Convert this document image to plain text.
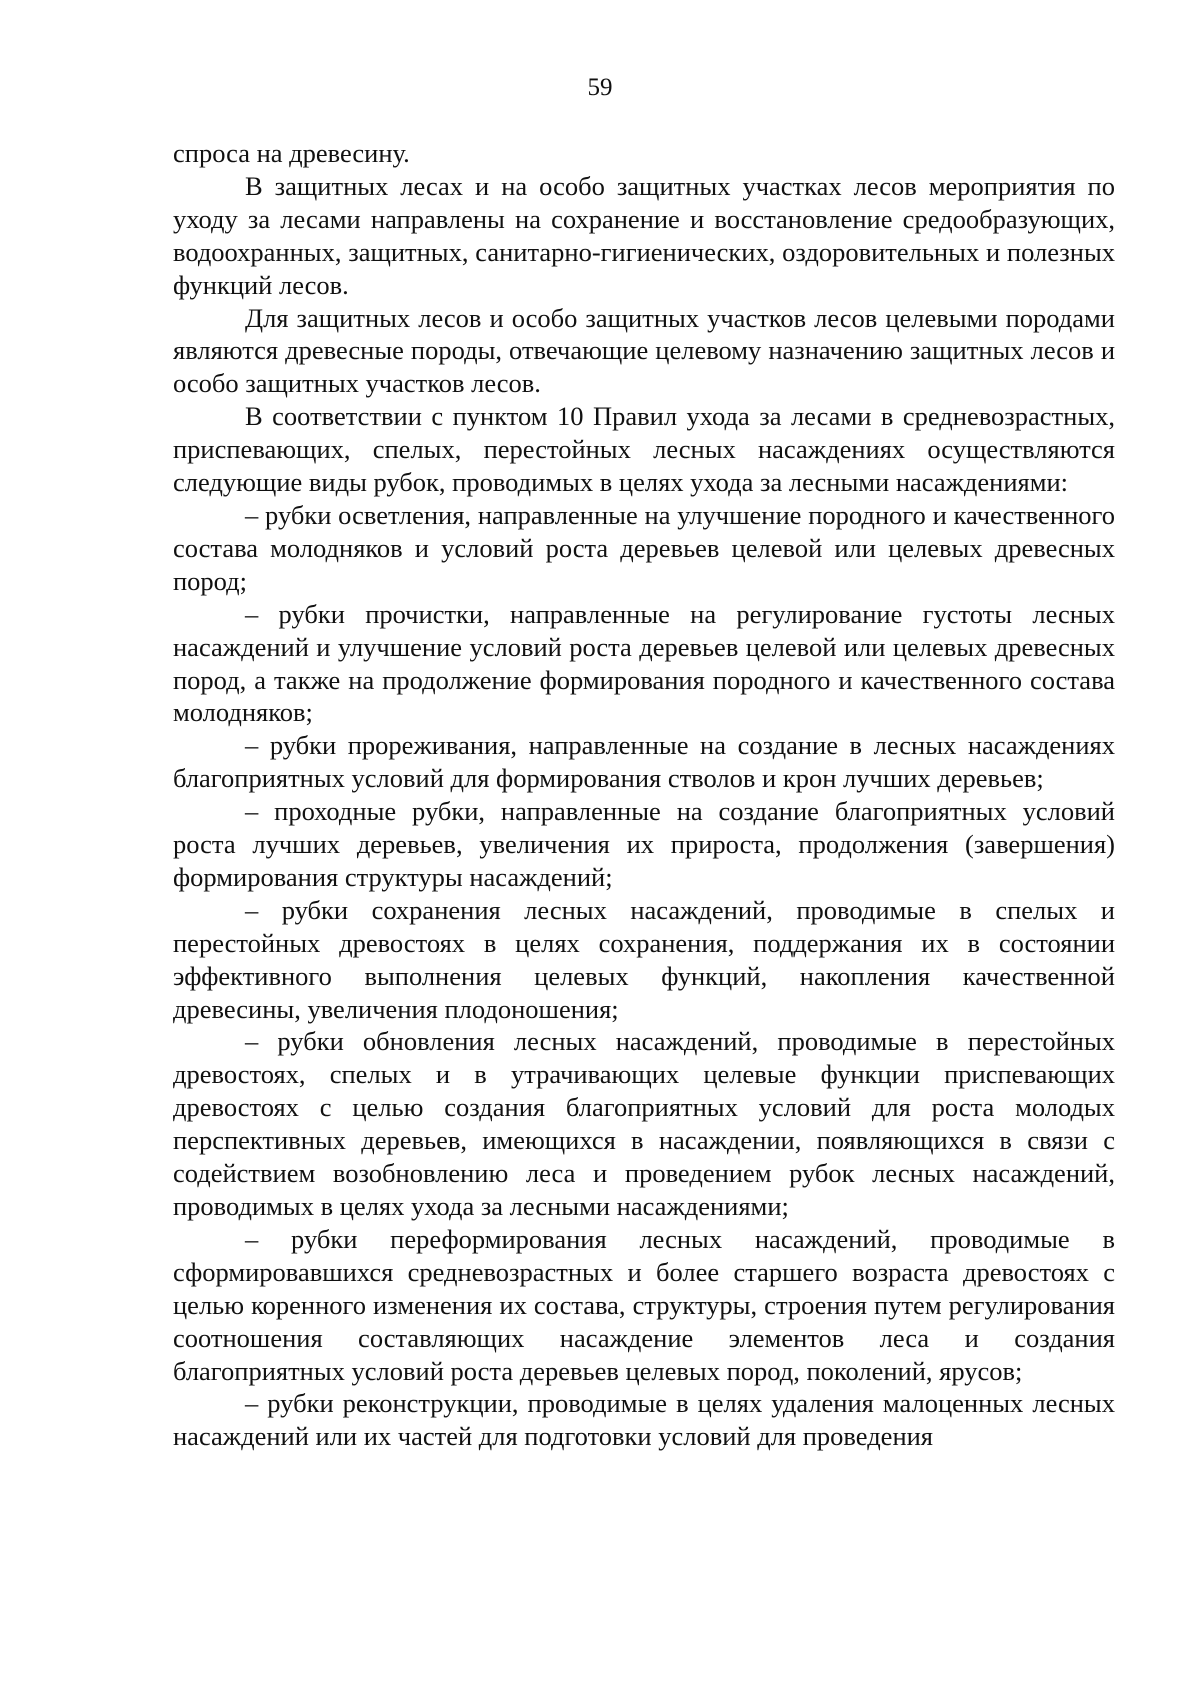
59

спроса на древесину.

В защитных лесах и на особо защитных участках лесов мероприятия по уходу за лесами направлены на сохранение и восстановление средообразующих, водоохранных, защитных, санитарно-гигиенических, оздоровительных и полезных функций лесов.

Для защитных лесов и особо защитных участков лесов целевыми породами являются древесные породы, отвечающие целевому назначению защитных лесов и особо защитных участков лесов.

В соответствии с пунктом 10 Правил ухода за лесами в средневозрастных, приспевающих, спелых, перестойных лесных насаждениях осуществляются следующие виды рубок, проводимых в целях ухода за лесными насаждениями:

– рубки осветления, направленные на улучшение породного и качественного состава молодняков и условий роста деревьев целевой или целевых древесных пород;

– рубки прочистки, направленные на регулирование густоты лесных насаждений и улучшение условий роста деревьев целевой или целевых древесных пород, а также на продолжение формирования породного и качественного состава молодняков;

– рубки прореживания, направленные на создание в лесных насаждениях благоприятных условий для формирования стволов и крон лучших деревьев;

– проходные рубки, направленные на создание благоприятных условий роста лучших деревьев, увеличения их прироста, продолжения (завершения) формирования структуры насаждений;

– рубки сохранения лесных насаждений, проводимые в спелых и перестойных древостоях в целях сохранения, поддержания их в состоянии эффективного выполнения целевых функций, накопления качественной древесины, увеличения плодоношения;

– рубки обновления лесных насаждений, проводимые в перестойных древостоях, спелых и в утрачивающих целевые функции приспевающих древостоях с целью создания благоприятных условий для роста молодых перспективных деревьев, имеющихся в насаждении, появляющихся в связи с содействием возобновлению леса и проведением рубок лесных насаждений, проводимых в целях ухода за лесными насаждениями;

– рубки переформирования лесных насаждений, проводимые в сформировавшихся средневозрастных и более старшего возраста древостоях с целью коренного изменения их состава, структуры, строения путем регулирования соотношения составляющих насаждение элементов леса и создания благоприятных условий роста деревьев целевых пород, поколений, ярусов;

– рубки реконструкции, проводимые в целях удаления малоценных лесных насаждений или их частей для подготовки условий для проведения
